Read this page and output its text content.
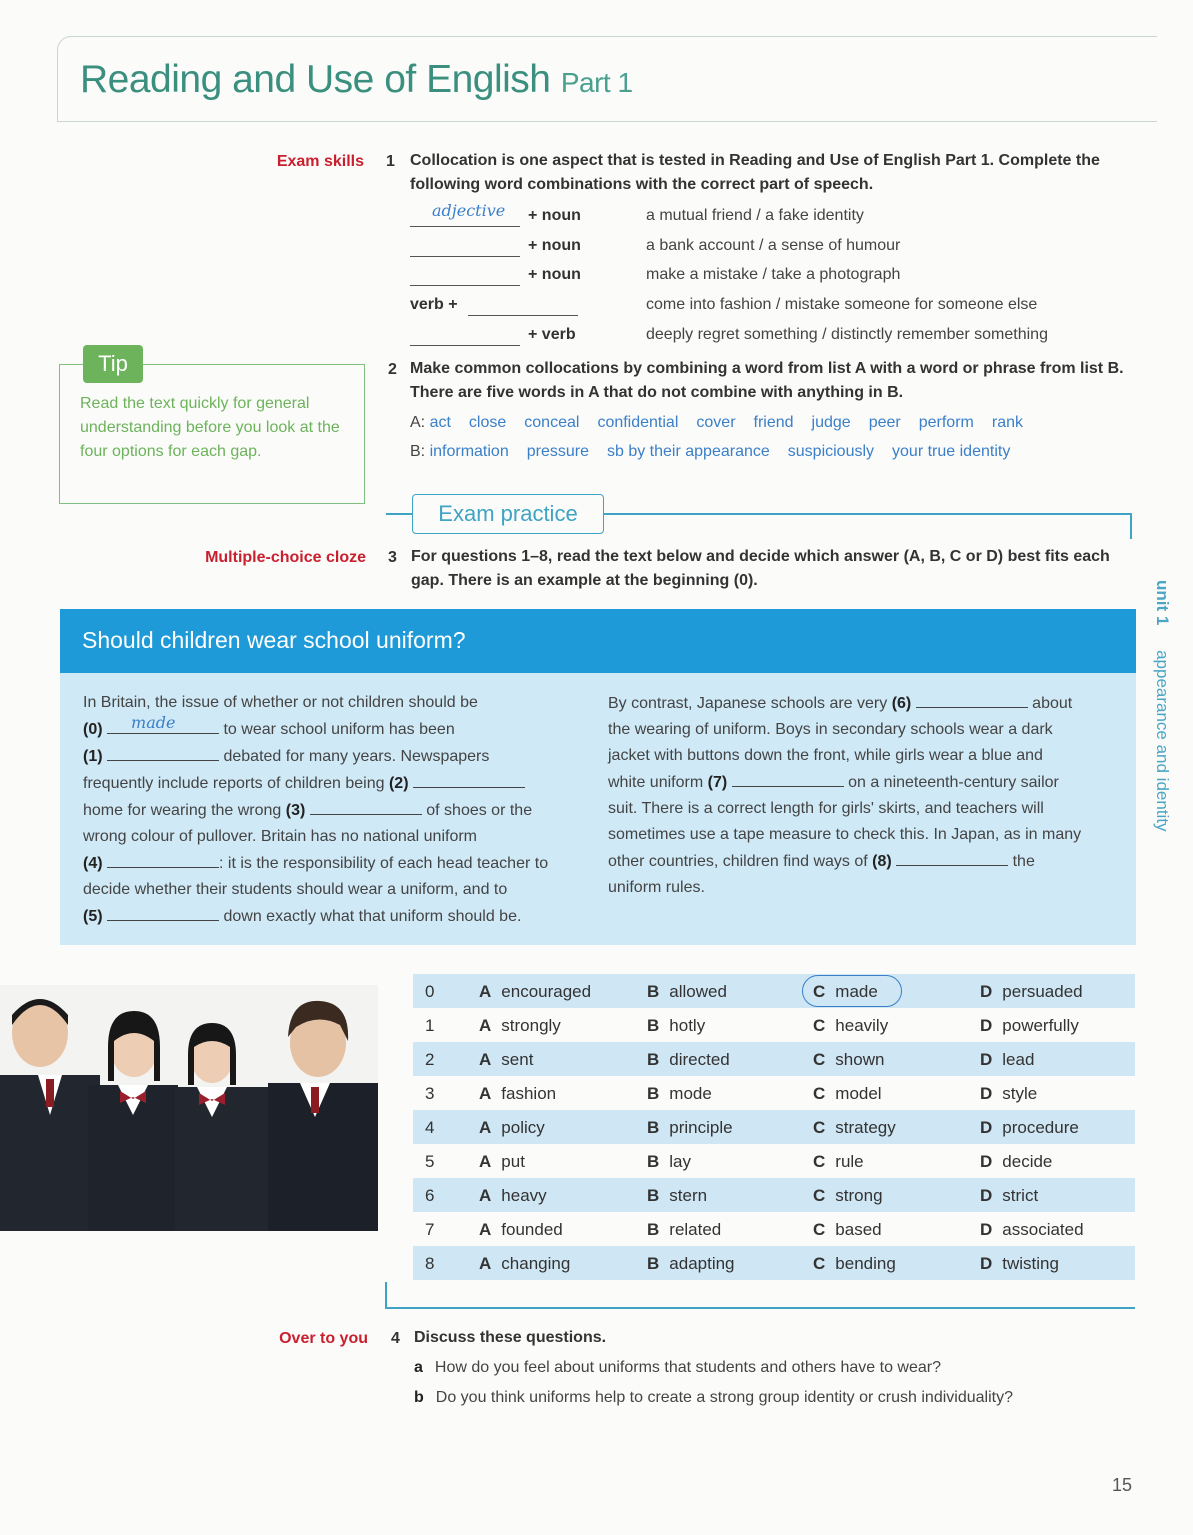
Reading and Use of English Part 1
Exam skills 1 Collocation is one aspect that is tested in Reading and Use of English Part 1. Complete the following word combinations with the correct part of speech.
adjective + noun	a mutual friend / a fake identity
+ noun	a bank account / a sense of humour
+ noun	make a mistake / take a photograph
verb +	come into fashion / mistake someone for someone else
+ verb	deeply regret something / distinctly remember something
Tip
Read the text quickly for general understanding before you look at the four options for each gap.
2 Make common collocations by combining a word from list A with a word or phrase from list B. There are five words in A that do not combine with anything in B.
A: act close conceal confidential cover friend judge peer perform rank
B: information pressure sb by their appearance suspiciously your true identity
Exam practice
Multiple-choice cloze 3 For questions 1–8, read the text below and decide which answer (A, B, C or D) best fits each gap. There is an example at the beginning (0).
Should children wear school uniform?
In Britain, the issue of whether or not children should be
(0) made	to wear school uniform has been
(1)	debated for many years. Newspapers
frequently include reports of children being (2)
home for wearing the wrong (3)	of shoes or the
wrong colour of pullover. Britain has no national uniform
(4)	: it is the responsibility of each head teacher to
decide whether their students should wear a uniform, and to
(5)	down exactly what that uniform should be.
By contrast, Japanese schools are very (6)	about
the wearing of uniform. Boys in secondary schools wear a dark
jacket with buttons down the front, while girls wear a blue and
white uniform (7)	on a nineteenth-century sailor
suit. There is a correct length for girls' skirts, and teachers will
sometimes use a tape measure to check this. In Japan, as in many
other countries, children find ways of (8)	the
uniform rules.
0	A encouraged	B allowed	C made	D persuaded
1	A strongly	B hotly	C heavily	D powerfully
2	A sent	B directed	C shown	D lead
3	A fashion	B mode	C model	D style
4	A policy	B principle	C strategy	D procedure
5	A put	B lay	C rule	D decide
6	A heavy	B stern	C strong	D strict
7	A founded	B related	C based	D associated
8	A changing	B adapting	C bending	D twisting
Over to you 4 Discuss these questions.
a How do you feel about uniforms that students and others have to wear?
b Do you think uniforms help to create a strong group identity or crush individuality?
unit 1 appearance and identity
15
